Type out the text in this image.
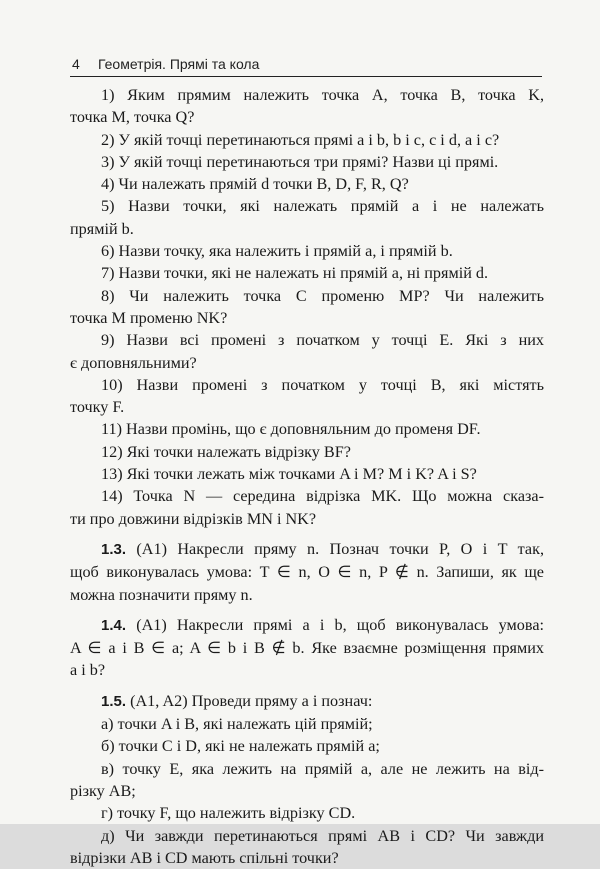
4 Геометрія. Прямі та кола
1) Яким прямим належить точка A, точка B, точка K,
точка M, точка Q?
2) У якій точці перетинаються прямі a i b, b i c, c i d, a i c?
3) У якій точці перетинаються три прямі? Назви ці прямі.
4) Чи належать прямій d точки B, D, F, R, Q?
5) Назви точки, які належать прямій a і не належать
прямій b.
6) Назви точку, яка належить і прямій a, і прямій b.
7) Назви точки, які не належать ні прямій a, ні прямій d.
8) Чи належить точка C променю MP? Чи належить
точка M променю NK?
9) Назви всі промені з початком у точці E. Які з них
є доповняльними?
10) Назви промені з початком у точці B, які містять
точку F.
11) Назви промінь, що є доповняльним до променя DF.
12) Які точки належать відрізку BF?
13) Які точки лежать між точками A і M? M і K? A і S?
14) Точка N — середина відрізка MK. Що можна сказа-
ти про довжини відрізків MN і NK?
1.3. (A1) Накресли пряму n. Познач точки P, O і T так,
щоб виконувалась умова: T ∈ n, O ∈ n, P ∉ n. Запиши, як ще
можна позначити пряму n.
1.4. (A1) Накресли прямі a і b, щоб виконувалась умова:
A ∈ a і B ∈ a; A ∈ b і B ∉ b. Яке взаємне розміщення прямих
a і b?
1.5. (A1, A2) Проведи пряму a і познач:
а) точки A і B, які належать цій прямій;
б) точки C і D, які не належать прямій a;
в) точку E, яка лежить на прямій a, але не лежить на від-
різку AB;
г) точку F, що належить відрізку CD.
д) Чи завжди перетинаються прямі AB і CD? Чи завжди
відрізки AB і CD мають спільні точки?
